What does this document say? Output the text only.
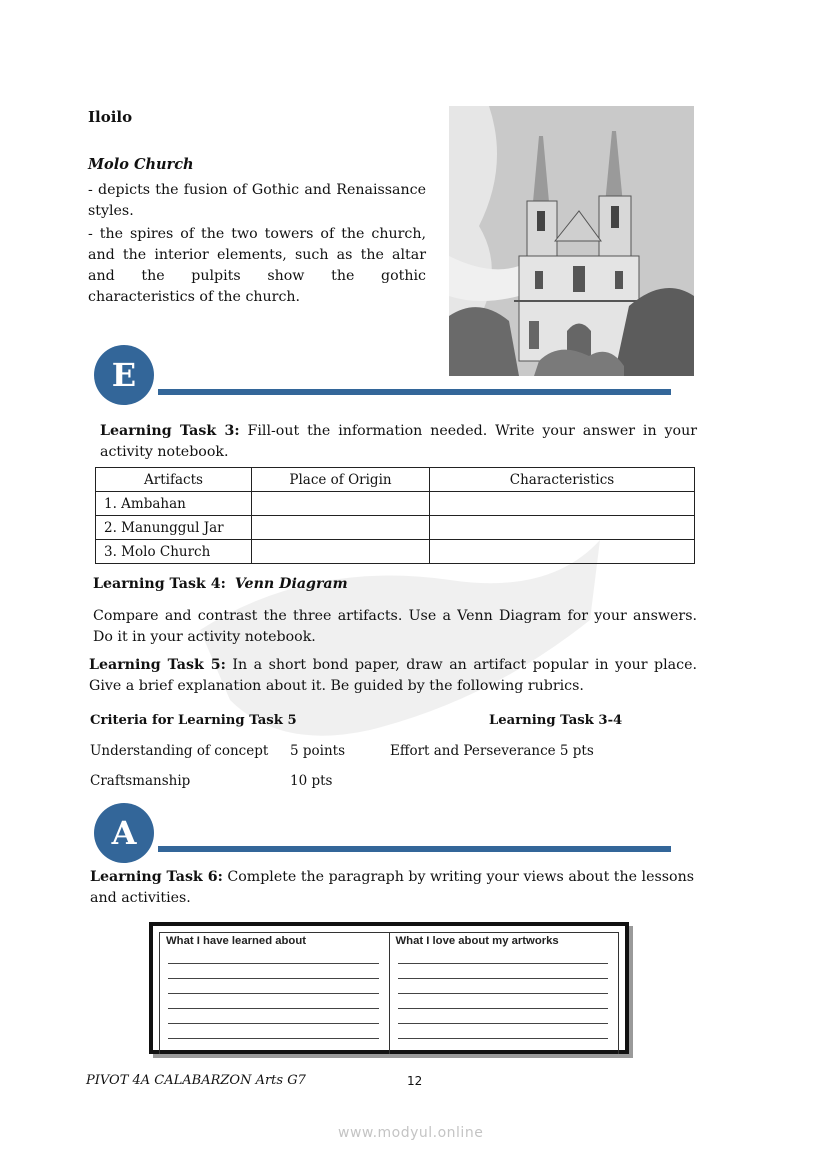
Iloilo
Molo Church

- depicts the fusion of Gothic and Renaissance styles.

- the spires of the two towers of the church, and the interior elements, such as the altar and the pulpits show the gothic characteristics of the church.

E
Learning Task 3: Fill-out the information needed. Write your answer in your activity notebook.
Artifacts	Place of Origin	Characteristics
1. Ambahan		
2. Manunggul Jar		
3. Molo Church		
Learning Task 4: Venn Diagram
Compare and contrast the three artifacts. Use a Venn Diagram for your answers. Do it in your activity notebook.
Learning Task 5: In a short bond paper, draw an artifact popular in your place. Give a brief explanation about it. Be guided by the following rubrics.
Criteria for Learning Task 5	Learning Task 3-4
Understanding of concept 5 points	Effort and Perseverance 5 pts
Craftsmanship	10 pts
A
Learning Task 6: Complete the paragraph by writing your views about the lessons and activities.
What I have learned about	What I love about my artworks
PIVOT 4A CALABARZON Arts G7	12
www.modyul.online
